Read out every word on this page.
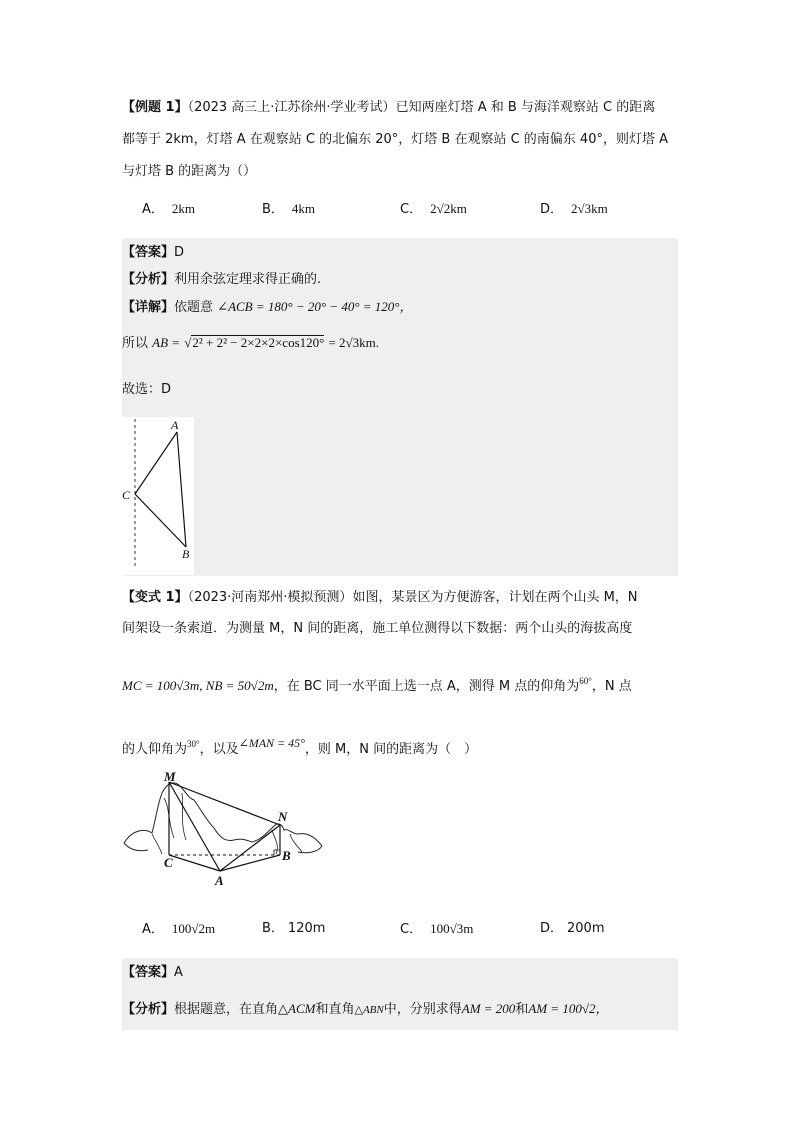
【例题 1】（2023 高三上·江苏徐州·学业考试）已知两座灯塔 A 和 B 与海洋观察站 C 的距离
都等于 2km，灯塔 A 在观察站 C 的北偏东 20°，灯塔 B 在观察站 C 的南偏东 40°，则灯塔 A
与灯塔 B 的距离为（）
A． 2km	B． 4km	C． 2√2km	D． 2√3km
【答案】D
【分析】利用余弦定理求得正确的.
【详解】依题意 ∠ACB = 180° − 20° − 40° = 120°，
所以 AB = √2² + 2² − 2×2×2×cos120° = 2√3km.
故选：D
A
C
B
【变式 1】（2023·河南郑州·模拟预测）如图，某景区为方便游客，计划在两个山头 M，N
间架设一条索道．为测量 M，N 间的距离，施工单位测得以下数据：两个山头的海拔高度
MC = 100√3m, NB = 50√2m，在 BC 同一水平面上选一点 A，测得 M 点的仰角为$^{60^\circ}$，N 点
的人仰角为$^{30^\circ}$，以及∠MAN = 45°，则 M，N 间的距离为（　）
M
N
C	B
A
A． 100√2m	B． 120m	C． 100√3m	D． 200m
【答案】A
【分析】根据题意，在直角△ACM和直角△ABN中，分别求得AM = 200和AM = 100√2，
